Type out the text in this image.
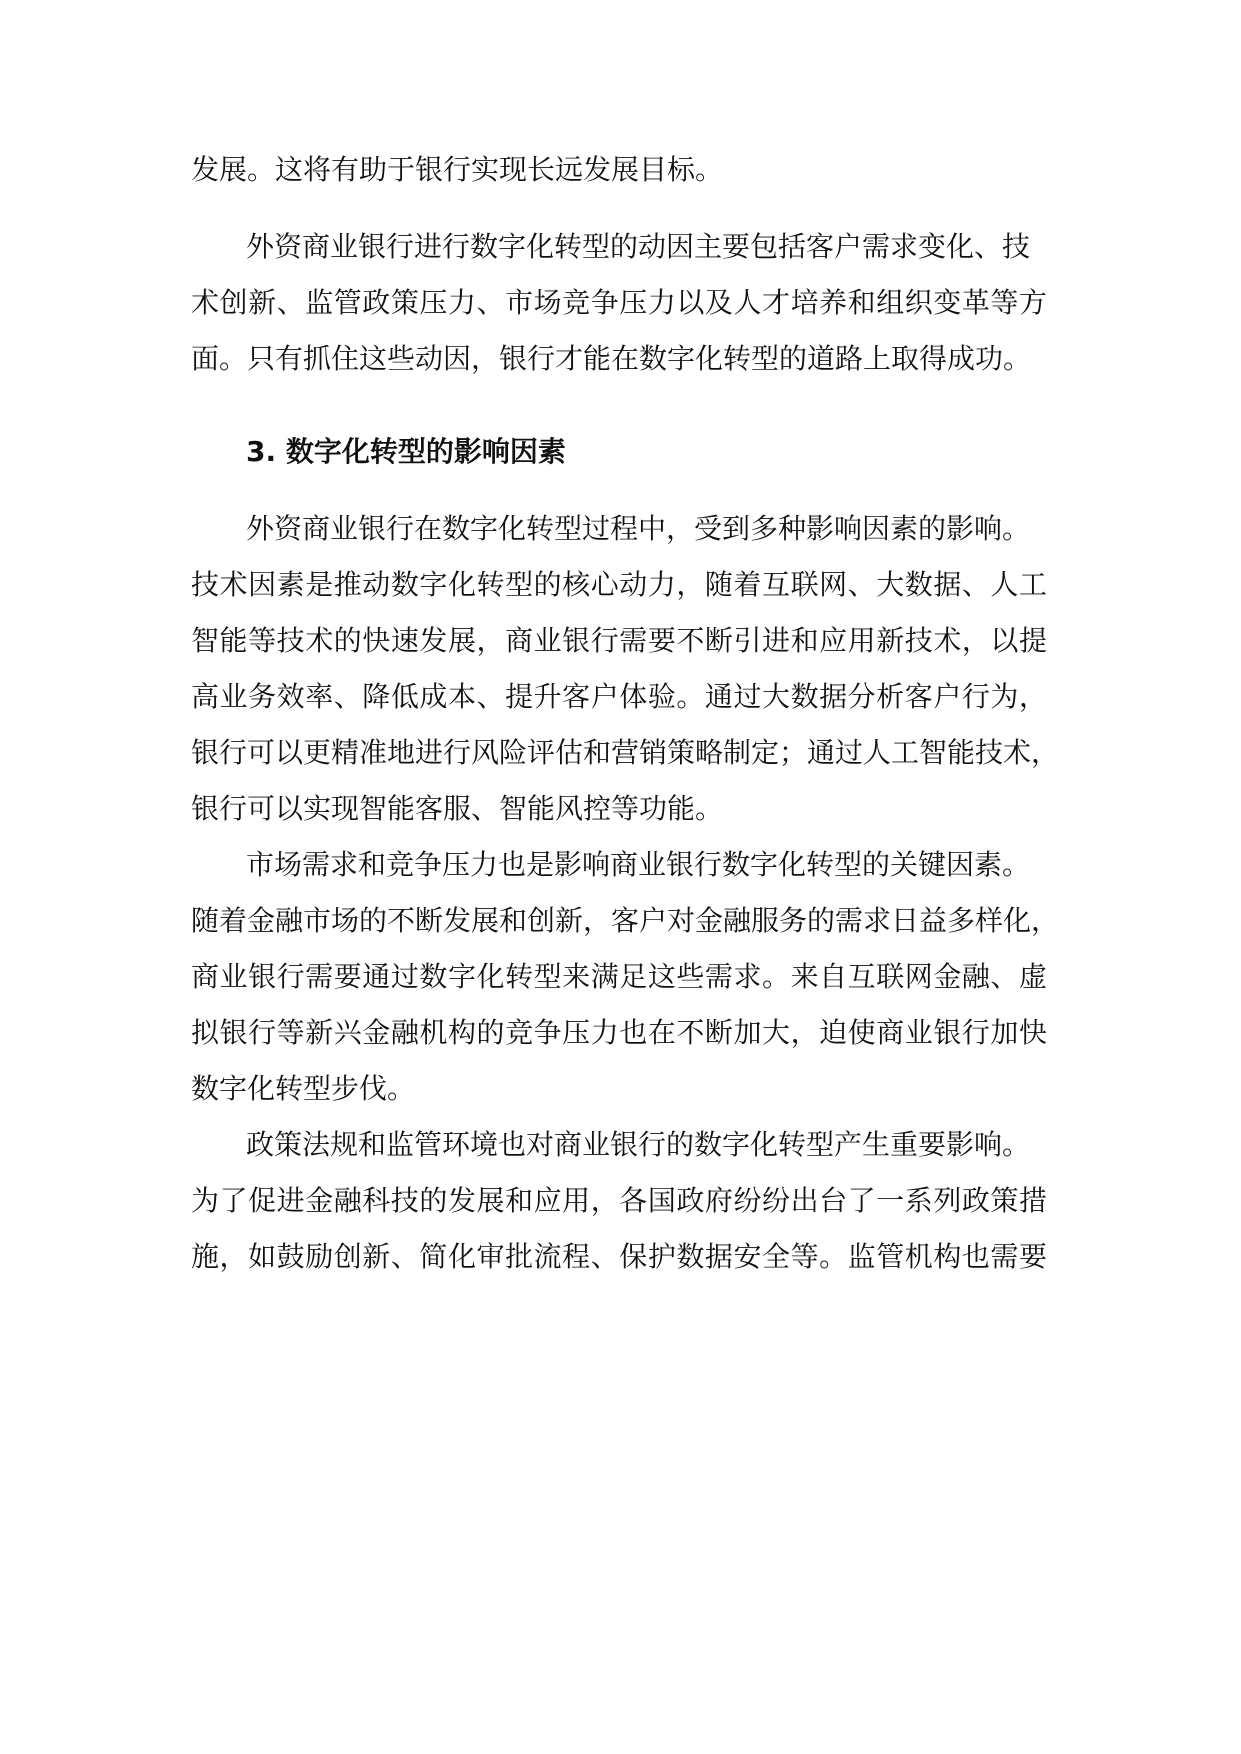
发展。这将有助于银行实现长远发展目标。
外资商业银行进行数字化转型的动因主要包括客户需求变化、技
术创新、监管政策压力、市场竞争压力以及人才培养和组织变革等方
面。只有抓住这些动因，银行才能在数字化转型的道路上取得成功。
3. 数字化转型的影响因素
外资商业银行在数字化转型过程中，受到多种影响因素的影响。
技术因素是推动数字化转型的核心动力，随着互联网、大数据、人工
智能等技术的快速发展，商业银行需要不断引进和应用新技术，以提
高业务效率、降低成本、提升客户体验。通过大数据分析客户行为，
银行可以更精准地进行风险评估和营销策略制定；通过人工智能技术，
银行可以实现智能客服、智能风控等功能。
市场需求和竞争压力也是影响商业银行数字化转型的关键因素。
随着金融市场的不断发展和创新，客户对金融服务的需求日益多样化，
商业银行需要通过数字化转型来满足这些需求。来自互联网金融、虚
拟银行等新兴金融机构的竞争压力也在不断加大，迫使商业银行加快
数字化转型步伐。
政策法规和监管环境也对商业银行的数字化转型产生重要影响。
为了促进金融科技的发展和应用，各国政府纷纷出台了一系列政策措
施，如鼓励创新、简化审批流程、保护数据安全等。监管机构也需要
